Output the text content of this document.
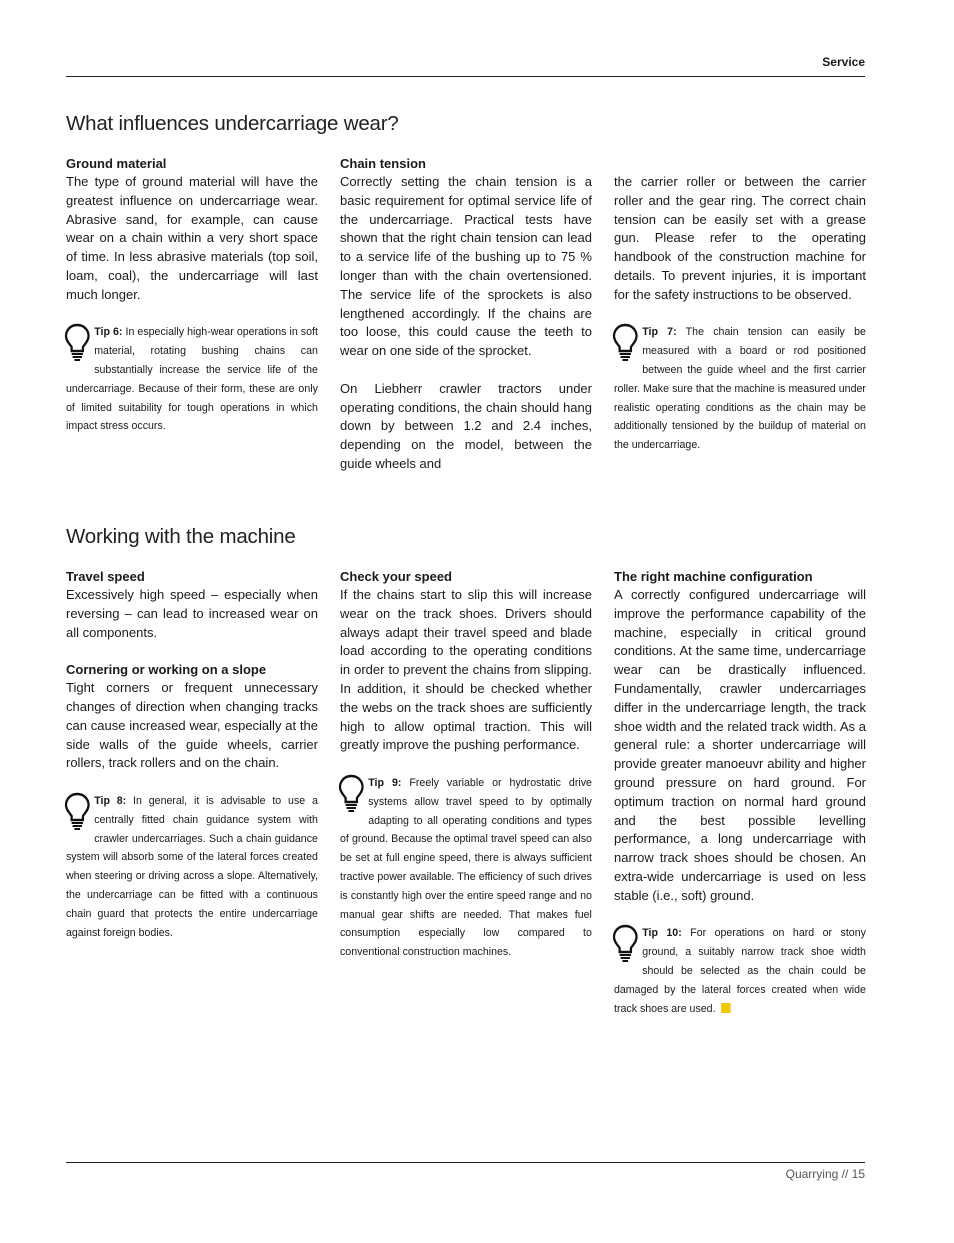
Service
What influences undercarriage wear?

Ground material

The type of ground material will have the greatest influence on undercarriage wear. Abrasive sand, for example, can cause wear on a chain within a very short space of time. In less abrasive materials (top soil, loam, coal), the undercarriage will last much longer.

Tip 6: In especially high-wear operations in soft material, rotating bushing chains can substantially increase the service life of the undercarriage. Because of their form, these are only of limited suitability for tough operations in which impact stress occurs.

Chain tension

Correctly setting the chain tension is a basic requirement for optimal service life of the undercarriage. Practical tests have shown that the right chain tension can lead to a service life of the bushing up to 75 % longer than with the chain overtensioned. The service life of the sprockets is also lengthened accordingly. If the chains are too loose, this could cause the teeth to wear on one side of the sprocket.

On Liebherr crawler tractors under operating conditions, the chain should hang down by between 1.2 and 2.4 inches, depending on the model, between the guide wheels and

the carrier roller or between the carrier roller and the gear ring. The correct chain tension can be easily set with a grease gun. Please refer to the operating handbook of the construction machine for details. To prevent injuries, it is important for the safety instructions to be observed.

Tip 7: The chain tension can easily be measured with a board or rod positioned between the guide wheel and the first carrier roller. Make sure that the machine is measured under realistic operating conditions as the chain may be additionally tensioned by the buildup of material on the undercarriage.
Working with the machine

Travel speed

Excessively high speed – especially when reversing – can lead to increased wear on all components.

Cornering or working on a slope

Tight corners or frequent unnecessary changes of direction when changing tracks can cause increased wear, especially at the side walls of the guide wheels, carrier rollers, track rollers and on the chain.

Tip 8: In general, it is advisable to use a centrally fitted chain guidance system with crawler undercarriages. Such a chain guidance system will absorb some of the lateral forces created when steering or driving across a slope. Alternatively, the undercarriage can be fitted with a continuous chain guard that protects the entire undercarriage against foreign bodies.

Check your speed

If the chains start to slip this will increase wear on the track shoes. Drivers should always adapt their travel speed and blade load according to the operating conditions in order to prevent the chains from slipping. In addition, it should be checked whether the webs on the track shoes are sufficiently high to allow optimal traction. This will greatly improve the pushing performance.

Tip 9: Freely variable or hydrostatic drive systems allow travel speed to by optimally adapting to all operating conditions and types of ground. Because the optimal travel speed can also be set at full engine speed, there is always sufficient tractive power available. The efficiency of such drives is constantly high over the entire speed range and no manual gear shifts are needed. That makes fuel consumption especially low compared to conventional construction machines.

The right machine configuration

A correctly configured undercarriage will improve the performance capability of the machine, especially in critical ground conditions. At the same time, undercarriage wear can be drastically influenced. Fundamentally, crawler undercarriages differ in the undercarriage length, the track shoe width and the related track width. As a general rule: a shorter undercarriage will provide greater manoeuvr ability and higher ground pressure on hard ground. For optimum traction on normal hard ground and the best possible levelling performance, a long undercarriage with narrow track shoes should be chosen. An extra-wide undercarriage is used on less stable (i.e., soft) ground.

Tip 10: For operations on hard or stony ground, a suitably narrow track shoe width should be selected as the chain could be damaged by the lateral forces created when wide track shoes are used.
Quarrying // 15
